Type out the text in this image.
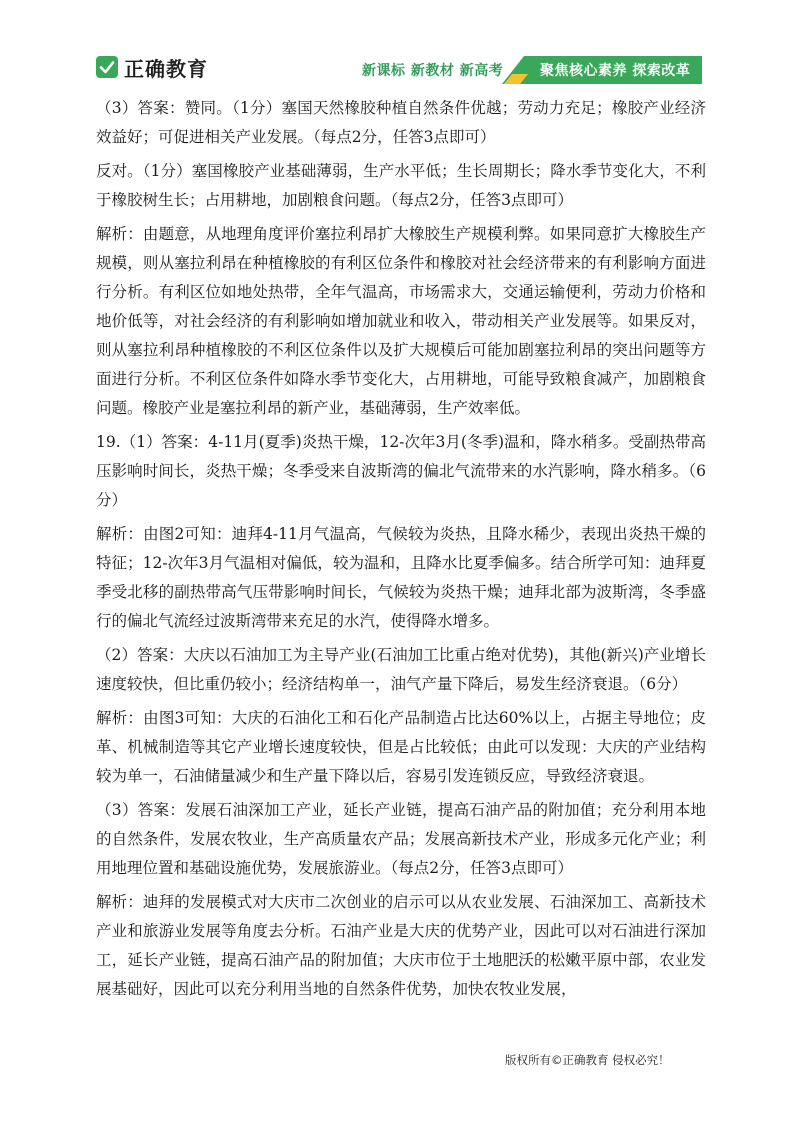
正确教育	新课标 新教材 新高考	聚焦核心素养 探索改革

（3）答案：赞同。（1分）塞国天然橡胶种植自然条件优越；劳动力充足；橡胶产业经济效益好；可促进相关产业发展。（每点2分，任答3点即可）

反对。（1分）塞国橡胶产业基础薄弱，生产水平低；生长周期长；降水季节变化大，不利于橡胶树生长；占用耕地，加剧粮食问题。（每点2分，任答3点即可）

解析：由题意，从地理角度评价塞拉利昂扩大橡胶生产规模利弊。如果同意扩大橡胶生产规模，则从塞拉利昂在种植橡胶的有利区位条件和橡胶对社会经济带来的有利影响方面进行分析。有利区位如地处热带，全年气温高，市场需求大，交通运输便利，劳动力价格和地价低等，对社会经济的有利影响如增加就业和收入，带动相关产业发展等。如果反对，则从塞拉利昂种植橡胶的不利区位条件以及扩大规模后可能加剧塞拉利昂的突出问题等方面进行分析。不利区位条件如降水季节变化大，占用耕地，可能导致粮食减产，加剧粮食问题。橡胶产业是塞拉利昂的新产业，基础薄弱，生产效率低。

19.（1）答案：4-11月(夏季)炎热干燥，12-次年3月(冬季)温和，降水稍多。受副热带高压影响时间长，炎热干燥；冬季受来自波斯湾的偏北气流带来的水汽影响，降水稍多。（6分）

解析：由图2可知：迪拜4-11月气温高，气候较为炎热，且降水稀少，表现出炎热干燥的特征；12-次年3月气温相对偏低，较为温和，且降水比夏季偏多。结合所学可知：迪拜夏季受北移的副热带高气压带影响时间长，气候较为炎热干燥；迪拜北部为波斯湾，冬季盛行的偏北气流经过波斯湾带来充足的水汽，使得降水增多。

（2）答案：大庆以石油加工为主导产业(石油加工比重占绝对优势)，其他(新兴)产业增长速度较快，但比重仍较小；经济结构单一，油气产量下降后，易发生经济衰退。（6分）

解析：由图3可知：大庆的石油化工和石化产品制造占比达60%以上，占据主导地位；皮革、机械制造等其它产业增长速度较快，但是占比较低；由此可以发现：大庆的产业结构较为单一，石油储量减少和生产量下降以后，容易引发连锁反应，导致经济衰退。

（3）答案：发展石油深加工产业，延长产业链，提高石油产品的附加值；充分利用本地的自然条件，发展农牧业，生产高质量农产品；发展高新技术产业，形成多元化产业；利用地理位置和基础设施优势，发展旅游业。（每点2分，任答3点即可）

解析：迪拜的发展模式对大庆市二次创业的启示可以从农业发展、石油深加工、高新技术产业和旅游业发展等角度去分析。石油产业是大庆的优势产业，因此可以对石油进行深加工，延长产业链，提高石油产品的附加值；大庆市位于土地肥沃的松嫩平原中部，农业发展基础好，因此可以充分利用当地的自然条件优势，加快农牧业发展，

版权所有©正确教育 侵权必究！
